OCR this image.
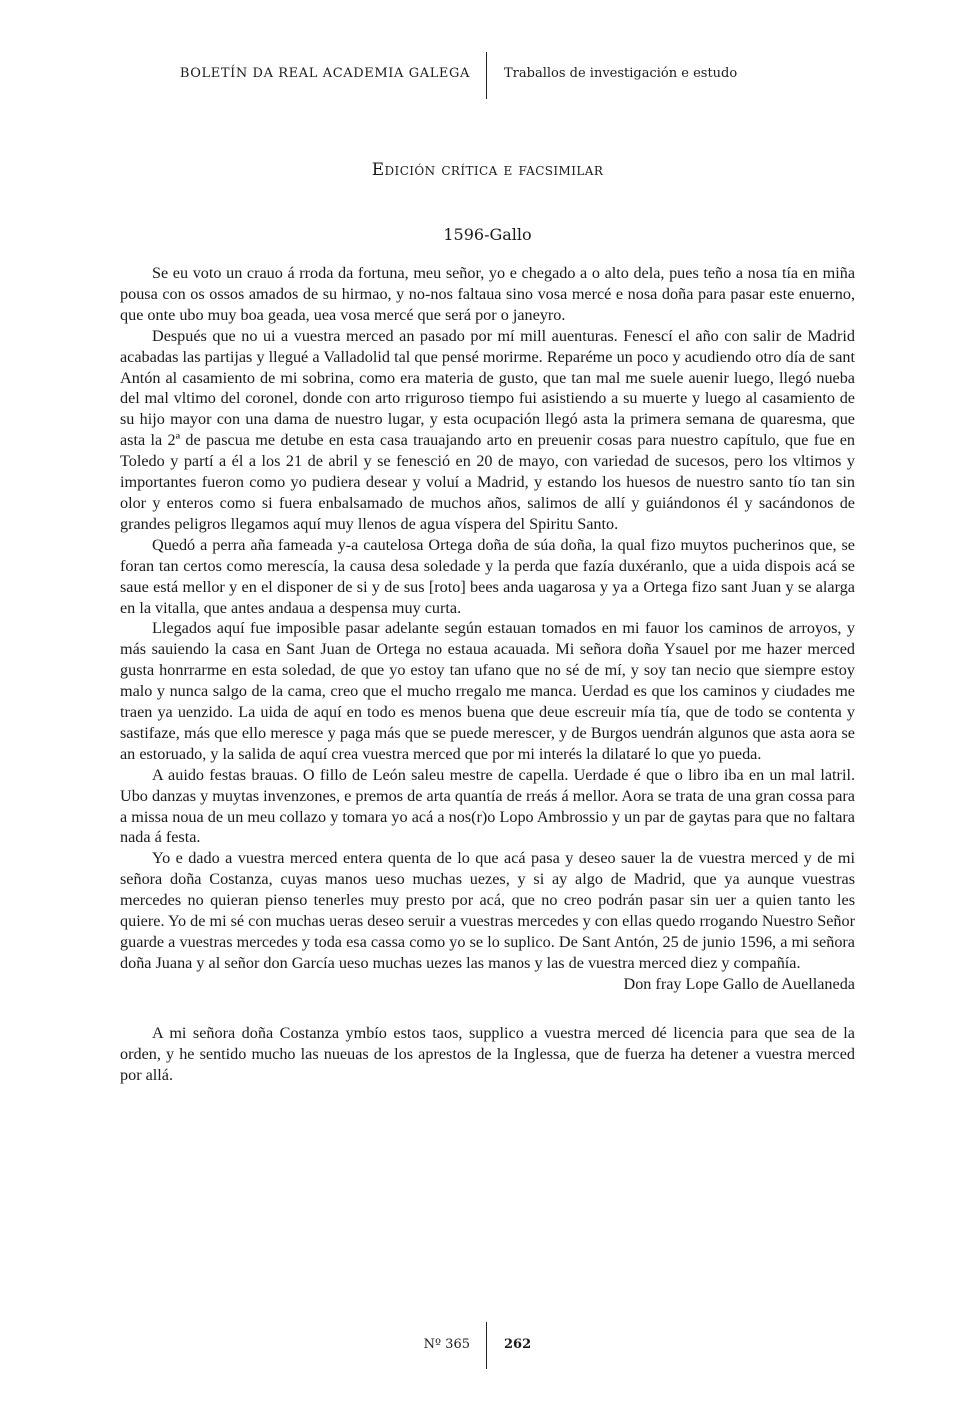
BOLETÍN DA REAL ACADEMIA GALEGA	Traballos de investigación e estudo
Edición crítica e facsimilar
1596-Gallo

Se eu voto un crauo á rroda da fortuna, meu señor, yo e chegado a o alto dela, pues teño a nosa tía en miña pousa con os ossos amados de su hirmao, y no-nos faltaua sino vosa mercé e nosa doña para pasar este enuerno, que onte ubo muy boa geada, uea vosa mercé que será por o janeyro.

Después que no ui a vuestra merced an pasado por mí mill auenturas. Fenescí el año con salir de Madrid acabadas las partijas y llegué a Valladolid tal que pensé morirme. Reparéme un poco y acudiendo otro día de sant Antón al casamiento de mi sobrina, como era materia de gusto, que tan mal me suele auenir luego, llegó nueba del mal vltimo del coronel, donde con arto rriguroso tiempo fui asistiendo a su muerte y luego al casamiento de su hijo mayor con una dama de nuestro lugar, y esta ocupación llegó asta la primera semana de quaresma, que asta la 2ª de pascua me detube en esta casa trauajando arto en preuenir cosas para nuestro capítulo, que fue en Toledo y partí a él a los 21 de abril y se fenesció en 20 de mayo, con variedad de sucesos, pero los vltimos y importantes fueron como yo pudiera desear y voluí a Madrid, y estando los huesos de nuestro santo tío tan sin olor y enteros como si fuera enbalsamado de muchos años, salimos de allí y guiándonos él y sacándonos de grandes peligros llegamos aquí muy llenos de agua víspera del Spiritu Santo.

Quedó a perra aña fameada y-a cautelosa Ortega doña de súa doña, la qual fizo muytos pucherinos que, se foran tan certos como merescía, la causa desa soledade y la perda que fazía duxéranlo, que a uida dispois acá se saue está mellor y en el disponer de si y de sus [roto] bees anda uagarosa y ya a Ortega fizo sant Juan y se alarga en la vitalla, que antes andaua a despensa muy curta.

Llegados aquí fue imposible pasar adelante según estauan tomados en mi fauor los caminos de arroyos, y más sauiendo la casa en Sant Juan de Ortega no estaua acauada. Mi señora doña Ysauel por me hazer merced gusta honrrarme en esta soledad, de que yo estoy tan ufano que no sé de mí, y soy tan necio que siempre estoy malo y nunca salgo de la cama, creo que el mucho rregalo me manca. Uerdad es que los caminos y ciudades me traen ya uenzido. La uida de aquí en todo es menos buena que deue escreuir mía tía, que de todo se contenta y sastifaze, más que ello meresce y paga más que se puede merescer, y de Burgos uendrán algunos que asta aora se an estoruado, y la salida de aquí crea vuestra merced que por mi interés la dilataré lo que yo pueda.

A auido festas brauas. O fillo de León saleu mestre de capella. Uerdade é que o libro iba en un mal latril. Ubo danzas y muytas invenzones, e premos de arta quantía de rreás á mellor. Aora se trata de una gran cossa para a missa noua de un meu collazo y tomara yo acá a nos(r)o Lopo Ambrossio y un par de gaytas para que no faltara nada á festa.

Yo e dado a vuestra merced entera quenta de lo que acá pasa y deseo sauer la de vuestra merced y de mi señora doña Costanza, cuyas manos ueso muchas uezes, y si ay algo de Madrid, que ya aunque vuestras mercedes no quieran pienso tenerles muy presto por acá, que no creo podrán pasar sin uer a quien tanto les quiere. Yo de mi sé con muchas ueras deseo seruir a vuestras mercedes y con ellas quedo rrogando Nuestro Señor guarde a vuestras mercedes y toda esa cassa como yo se lo suplico. De Sant Antón, 25 de junio 1596, a mi señora doña Juana y al señor don García ueso muchas uezes las manos y las de vuestra merced diez y compañía.

Don fray Lope Gallo de Auellaneda

A mi señora doña Costanza ymbío estos taos, supplico a vuestra merced dé licencia para que sea de la orden, y he sentido mucho las nueuas de los aprestos de la Inglessa, que de fuerza ha detener a vuestra merced por allá.

Nº 365	262
